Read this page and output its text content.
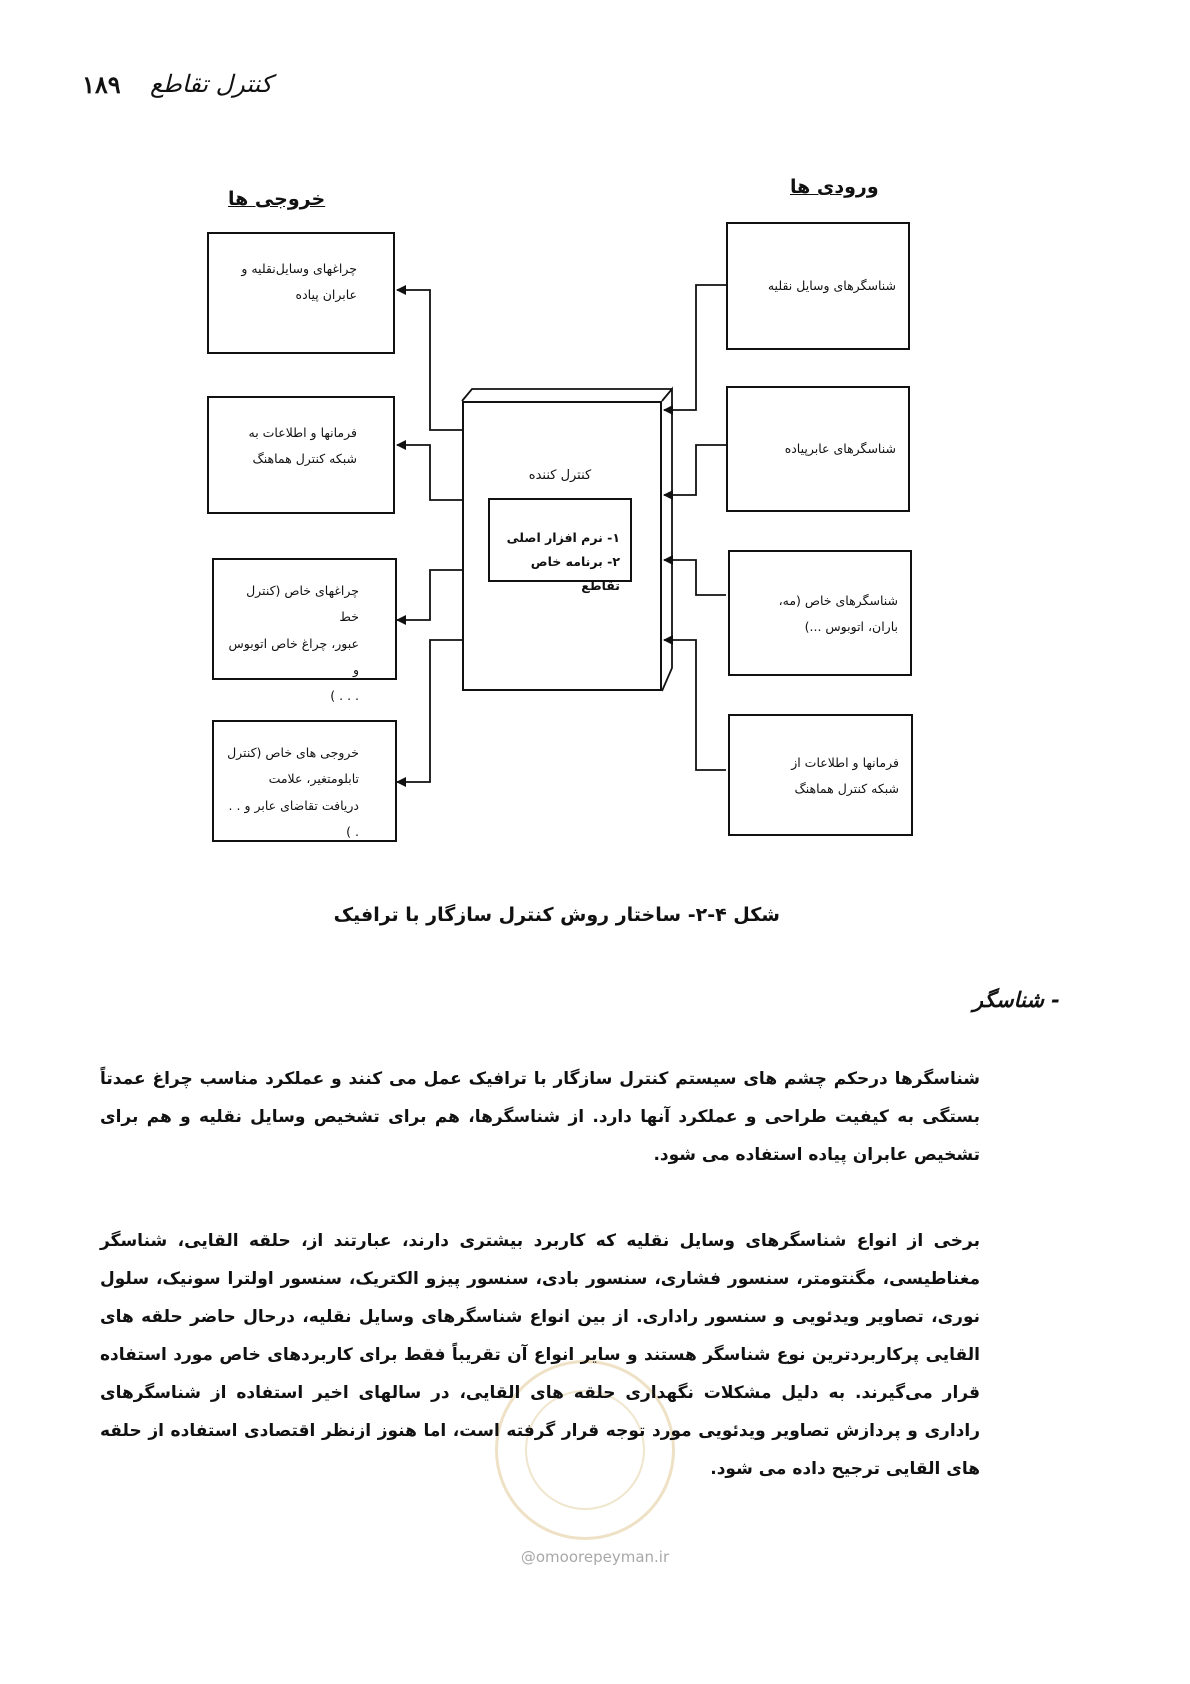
۱۸۹ کنترل تقاطع
ورودی ها
خروجی ها
چراغهای وسایل‌نقلیه و
عابران پیاده
فرمانها و اطلاعات به
شبکه کنترل هماهنگ
چراغهای خاص (کنترل خط
عبور، چراغ خاص اتوبوس و
. . . )
خروجی های خاص (کنترل
تابلومتغیر، علامت
دریافت تقاضای عابر و . . . )
کنترل کننده
۱- نرم افزار اصلی
۲- برنامه خاص تقاطع
شناسگرهای وسایل نقلیه
شناسگرهای عابرپیاده
شناسگرهای خاص (مه،
باران، اتوبوس ...)
فرمانها و اطلاعات از
شبکه کنترل هماهنگ
شکل ۴-۲- ساختار روش کنترل سازگار با ترافیک
- شناسگر

شناسگرها درحکم چشم های سیستم کنترل سازگار با ترافیک عمل می کنند و عملکرد مناسب چراغ عمدتاً بستگی به کیفیت طراحی و عملکرد آنها دارد. از شناسگرها، هم برای تشخیص وسایل نقلیه و هم برای تشخیص عابران پیاده استفاده می شود.

برخی از انواع شناسگرهای وسایل نقلیه که کاربرد بیشتری دارند، عبارتند از، حلقه القایی، شناسگر مغناطیسی، مگنتومتر، سنسور فشاری، سنسور بادی، سنسور پیزو الکتریک، سنسور اولترا سونیک، سلول نوری، تصاویر ویدئویی و سنسور راداری. از بین انواع شناسگرهای وسایل نقلیه، درحال حاضر حلقه های القایی پرکاربردترین نوع شناسگر هستند و سایر انواع آن تقریباً فقط برای کاربردهای خاص مورد استفاده قرار می‌گیرند. به دلیل مشکلات نگهداری حلقه های القایی، در سالهای اخیر استفاده از شناسگرهای راداری و پردازش تصاویر ویدئویی مورد توجه قرار گرفته است، اما هنوز ازنظر اقتصادی استفاده از حلقه های القایی ترجیح داده می شود.

@omoorepeyman.ir
